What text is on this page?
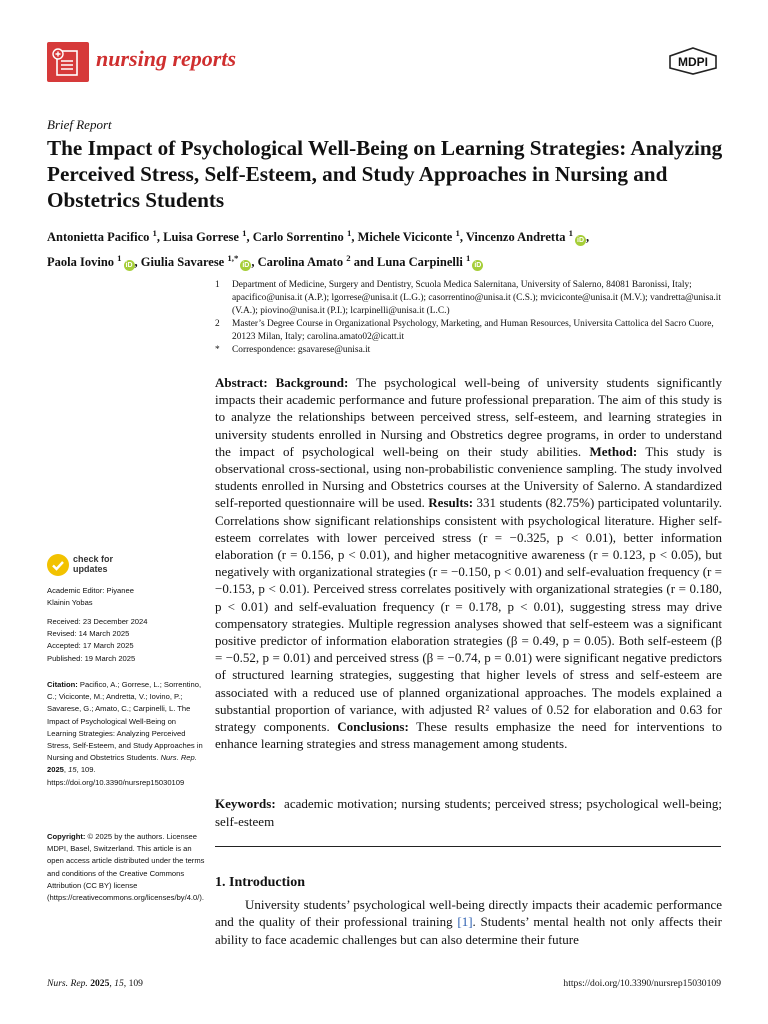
nursing reports	MDPI
Brief Report
The Impact of Psychological Well-Being on Learning Strategies: Analyzing Perceived Stress, Self-Esteem, and Study Approaches in Nursing and Obstetrics Students
Antonietta Pacifico $^1$, Luisa Gorrese $^1$, Carlo Sorrentino $^1$, Michele Viciconte $^1$, Vincenzo Andretta $^1$iD ,
Paola Iovino $^1$iD , Giulia Savarese $^{1,*}$iD , Carolina Amato $^2$ and Luna Carpinelli $^1$iD
1	Department of Medicine, Surgery and Dentistry, Scuola Medica Salernitana, University of Salerno, 84081 Baronissi, Italy; apacifico@unisa.it (A.P.); lgorrese@unisa.it (L.G.); casorrentino@unisa.it (C.S.); mviciconte@unisa.it (M.V.); vandretta@unisa.it (V.A.); piovino@unisa.it (P.I.); lcarpinelli@unisa.it (L.C.)
2	Master’s Degree Course in Organizational Psychology, Marketing, and Human Resources, Universita Cattolica del Sacro Cuore, 20123 Milan, Italy; carolina.amato02@icatt.it
*	Correspondence: gsavarese@unisa.it
Abstract: Background: The psychological well-being of university students significantly impacts their academic performance and future professional preparation. The aim of this study is to analyze the relationships between perceived stress, self-esteem, and learning strategies in university students enrolled in Nursing and Obstretics degree programs, in order to understand the impact of psychological well-being on their study abilities. Method: This study is observational cross-sectional, using non-probabilistic convenience sampling. The study involved students enrolled in Nursing and Obstetrics courses at the University of Salerno. A standardized self-reported questionnaire will be used. Results: 331 students (82.75%) participated voluntarily. Correlations show significant relationships consistent with psychological literature. Higher self-esteem correlates with lower perceived stress (r = −0.325, p < 0.01), better information elaboration (r = 0.156, p < 0.01), and higher metacognitive awareness (r = 0.123, p < 0.05), but negatively with organizational strategies (r = −0.150, p < 0.01) and self-evaluation frequency (r = −0.153, p < 0.01). Perceived stress correlates positively with organizational strategies (r = 0.180, p < 0.01) and self-evaluation frequency (r = 0.178, p < 0.01), suggesting stress may drive compensatory strategies. Multiple regression analyses showed that self-esteem was a significant positive predictor of information elaboration strategies (β = 0.49, p = 0.05). Both self-esteem (β = −0.52, p = 0.01) and perceived stress (β = −0.74, p = 0.01) were significant negative predictors of structured learning strategies, suggesting that higher levels of stress and self-esteem are associated with a reduced use of planned organizational approaches. The models explained a substantial proportion of variance, with adjusted R² values of 0.52 for elaboration and 0.63 for strategy components. Conclusions: These results emphasize the need for interventions to enhance learning strategies and stress management among students.
Keywords: academic motivation; nursing students; perceived stress; psychological well-being; self-esteem
1. Introduction
University students’ psychological well-being directly impacts their academic performance and the quality of their professional training [1]. Students’ mental health not only affects their ability to face academic challenges but can also determine their future
check for
updates
Academic Editor: Piyanee
Klainin Yobas
Received: 23 December 2024
Revised: 14 March 2025
Accepted: 17 March 2025
Published: 19 March 2025
Citation: Pacifico, A.; Gorrese, L.; Sorrentino, C.; Viciconte, M.; Andretta, V.; Iovino, P.; Savarese, G.; Amato, C.; Carpinelli, L. The Impact of Psychological Well-Being on Learning Strategies: Analyzing Perceived Stress, Self-Esteem, and Study Approaches in Nursing and Obstetrics Students. Nurs. Rep. 2025, 15, 109. https://doi.org/10.3390/nursrep15030109
Copyright: © 2025 by the authors. Licensee MDPI, Basel, Switzerland. This article is an open access article distributed under the terms and conditions of the Creative Commons Attribution (CC BY) license (https://creativecommons.org/licenses/by/4.0/).
Nurs. Rep. 2025, 15, 109	https://doi.org/10.3390/nursrep15030109
